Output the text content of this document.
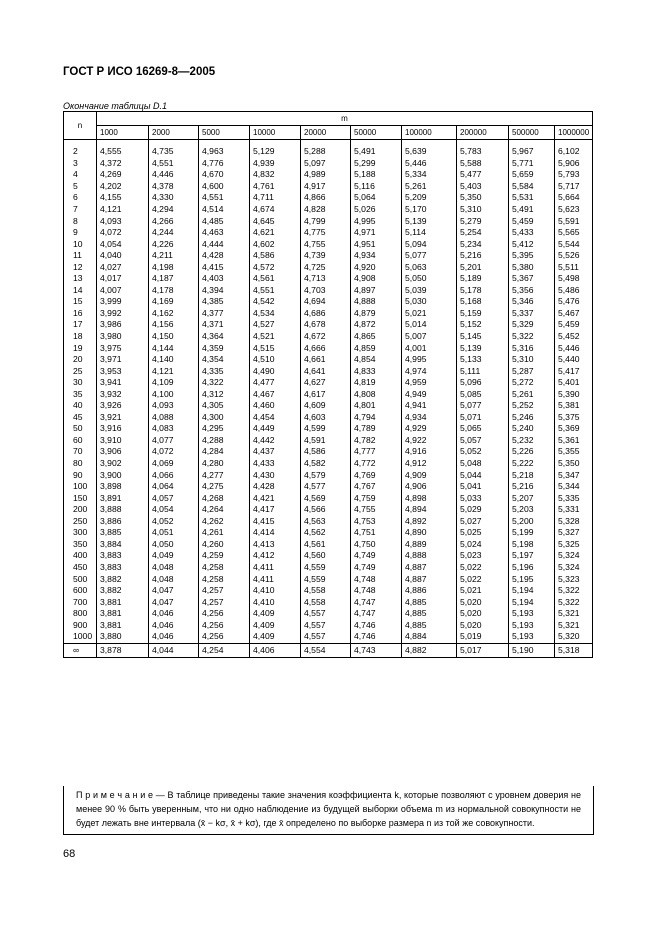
ГОСТ Р ИСО 16269-8—2005
Окончание таблицы D.1
n	m									
	1000	2000	5000	10000	20000	50000	100000	200000	500000	1000000
2	4,555	4,735	4,963	5,129	5,288	5,491	5,639	5,783	5,967	6,102
3	4,372	4,551	4,776	4,939	5,097	5,299	5,446	5,588	5,771	5,906
4	4,269	4,446	4,670	4,832	4,989	5,188	5,334	5,477	5,659	5,793
5	4,202	4,378	4,600	4,761	4,917	5,116	5,261	5,403	5,584	5,717
6	4,155	4,330	4,551	4,711	4,866	5,064	5,209	5,350	5,531	5,664
7	4,121	4,294	4,514	4,674	4,828	5,026	5,170	5,310	5,491	5,623
8	4,093	4,266	4,485	4,645	4,799	4,995	5,139	5,279	5,459	5,591
9	4,072	4,244	4,463	4,621	4,775	4,971	5,114	5,254	5,433	5,565
10	4,054	4,226	4,444	4,602	4,755	4,951	5,094	5,234	5,412	5,544
11	4,040	4,211	4,428	4,586	4,739	4,934	5,077	5,216	5,395	5,526
12	4,027	4,198	4,415	4,572	4,725	4,920	5,063	5,201	5,380	5,511
13	4,017	4,187	4,403	4,561	4,713	4,908	5,050	5,189	5,367	5,498
14	4,007	4,178	4,394	4,551	4,703	4,897	5,039	5,178	5,356	5,486
15	3,999	4,169	4,385	4,542	4,694	4,888	5,030	5,168	5,346	5,476
16	3,992	4,162	4,377	4,534	4,686	4,879	5,021	5,159	5,337	5,467
17	3,986	4,156	4,371	4,527	4,678	4,872	5,014	5,152	5,329	5,459
18	3,980	4,150	4,364	4,521	4,672	4,865	5,007	5,145	5,322	5,452
19	3,975	4,144	4,359	4,515	4,666	4,859	4,001	5,139	5,316	5,446
20	3,971	4,140	4,354	4,510	4,661	4,854	4,995	5,133	5,310	5,440
25	3,953	4,121	4,335	4,490	4,641	4,833	4,974	5,111	5,287	5,417
30	3,941	4,109	4,322	4,477	4,627	4,819	4,959	5,096	5,272	5,401
35	3,932	4,100	4,312	4,467	4,617	4,808	4,949	5,085	5,261	5,390
40	3,926	4,093	4,305	4,460	4,609	4,801	4,941	5,077	5,252	5,381
45	3,921	4,088	4,300	4,454	4,603	4,794	4,934	5,071	5,246	5,375
50	3,916	4,083	4,295	4,449	4,599	4,789	4,929	5,065	5,240	5,369
60	3,910	4,077	4,288	4,442	4,591	4,782	4,922	5,057	5,232	5,361
70	3,906	4,072	4,284	4,437	4,586	4,777	4,916	5,052	5,226	5,355
80	3,902	4,069	4,280	4,433	4,582	4,772	4,912	5,048	5,222	5,350
90	3,900	4,066	4,277	4,430	4,579	4,769	4,909	5,044	5,218	5,347
100	3,898	4,064	4,275	4,428	4,577	4,767	4,906	5,041	5,216	5,344
150	3,891	4,057	4,268	4,421	4,569	4,759	4,898	5,033	5,207	5,335
200	3,888	4,054	4,264	4,417	4,566	4,755	4,894	5,029	5,203	5,331
250	3,886	4,052	4,262	4,415	4,563	4,753	4,892	5,027	5,200	5,328
300	3,885	4,051	4,261	4,414	4,562	4,751	4,890	5,025	5,199	5,327
350	3,884	4,050	4,260	4,413	4,561	4,750	4,889	5,024	5,198	5,325
400	3,883	4,049	4,259	4,412	4,560	4,749	4,888	5,023	5,197	5,324
450	3,883	4,048	4,258	4,411	4,559	4,749	4,887	5,022	5,196	5,324
500	3,882	4,048	4,258	4,411	4,559	4,748	4,887	5,022	5,195	5,323
600	3,882	4,047	4,257	4,410	4,558	4,748	4,886	5,021	5,194	5,322
700	3,881	4,047	4,257	4,410	4,558	4,747	4,885	5,020	5,194	5,322
800	3,881	4,046	4,256	4,409	4,557	4,747	4,885	5,020	5,193	5,321
900	3,881	4,046	4,256	4,409	4,557	4,746	4,885	5,020	5,193	5,321
1000	3,880	4,046	4,256	4,409	4,557	4,746	4,884	5,019	5,193	5,320
∞	3,878	4,044	4,254	4,406	4,554	4,743	4,882	5,017	5,190	5,318
П р и м е ч а н и е — В таблице приведены такие значения коэффициента k, которые позволяют с уровнем доверия не менее 90 % быть уверенным, что ни одно наблюдение из будущей выборки объема m из нормальной совокупности не будет лежать вне интервала (x̄ − kσ, x̄ + kσ), где x̄ определено по выборке размера n из той же совокупности.
68
